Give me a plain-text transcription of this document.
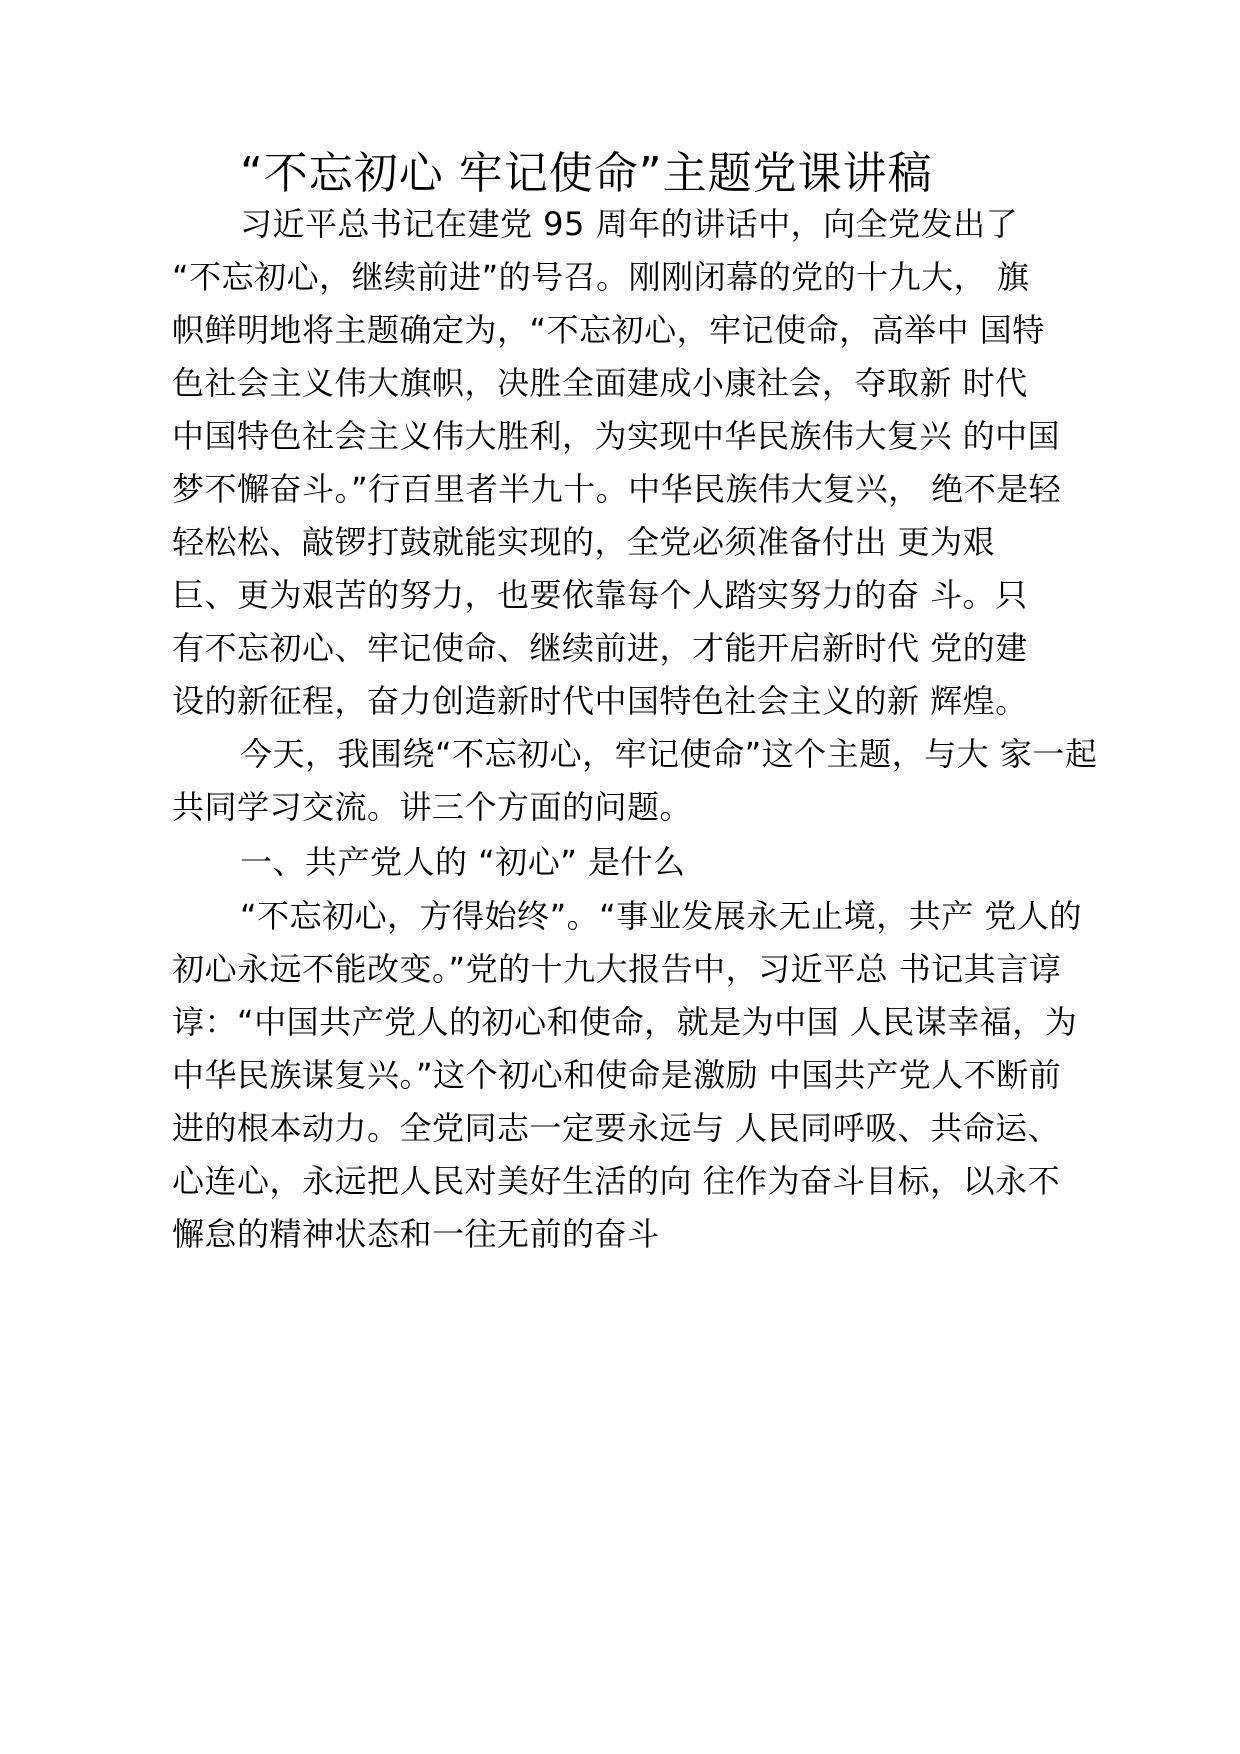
“不忘初心 牢记使命”主题党课讲稿

习近平总书记在建党 95 周年的讲话中，向全党发出了

“不忘初心，继续前进”的号召。刚刚闭幕的党的十九大， 旗

帜鲜明地将主题确定为，“不忘初心，牢记使命，高举中 国特

色社会主义伟大旗帜，决胜全面建成小康社会，夺取新 时代

中国特色社会主义伟大胜利，为实现中华民族伟大复兴 的中国

梦不懈奋斗。”行百里者半九十。中华民族伟大复兴， 绝不是轻

轻松松、敲锣打鼓就能实现的，全党必须准备付出 更为艰

巨、更为艰苦的努力，也要依靠每个人踏实努力的奋 斗。只

有不忘初心、牢记使命、继续前进，才能开启新时代 党的建

设的新征程，奋力创造新时代中国特色社会主义的新 辉煌。

今天，我围绕“不忘初心，牢记使命”这个主题，与大 家一起

共同学习交流。讲三个方面的问题。

一、共产党人的 “初心” 是什么

“不忘初心，方得始终”。“事业发展永无止境，共产 党人的

初心永远不能改变。”党的十九大报告中，习近平总 书记其言谆

谆：“中国共产党人的初心和使命，就是为中国 人民谋幸福，为

中华民族谋复兴。”这个初心和使命是激励 中国共产党人不断前

进的根本动力。全党同志一定要永远与 人民同呼吸、共命运、

心连心，永远把人民对美好生活的向 往作为奋斗目标，以永不

懈怠的精神状态和一往无前的奋斗
